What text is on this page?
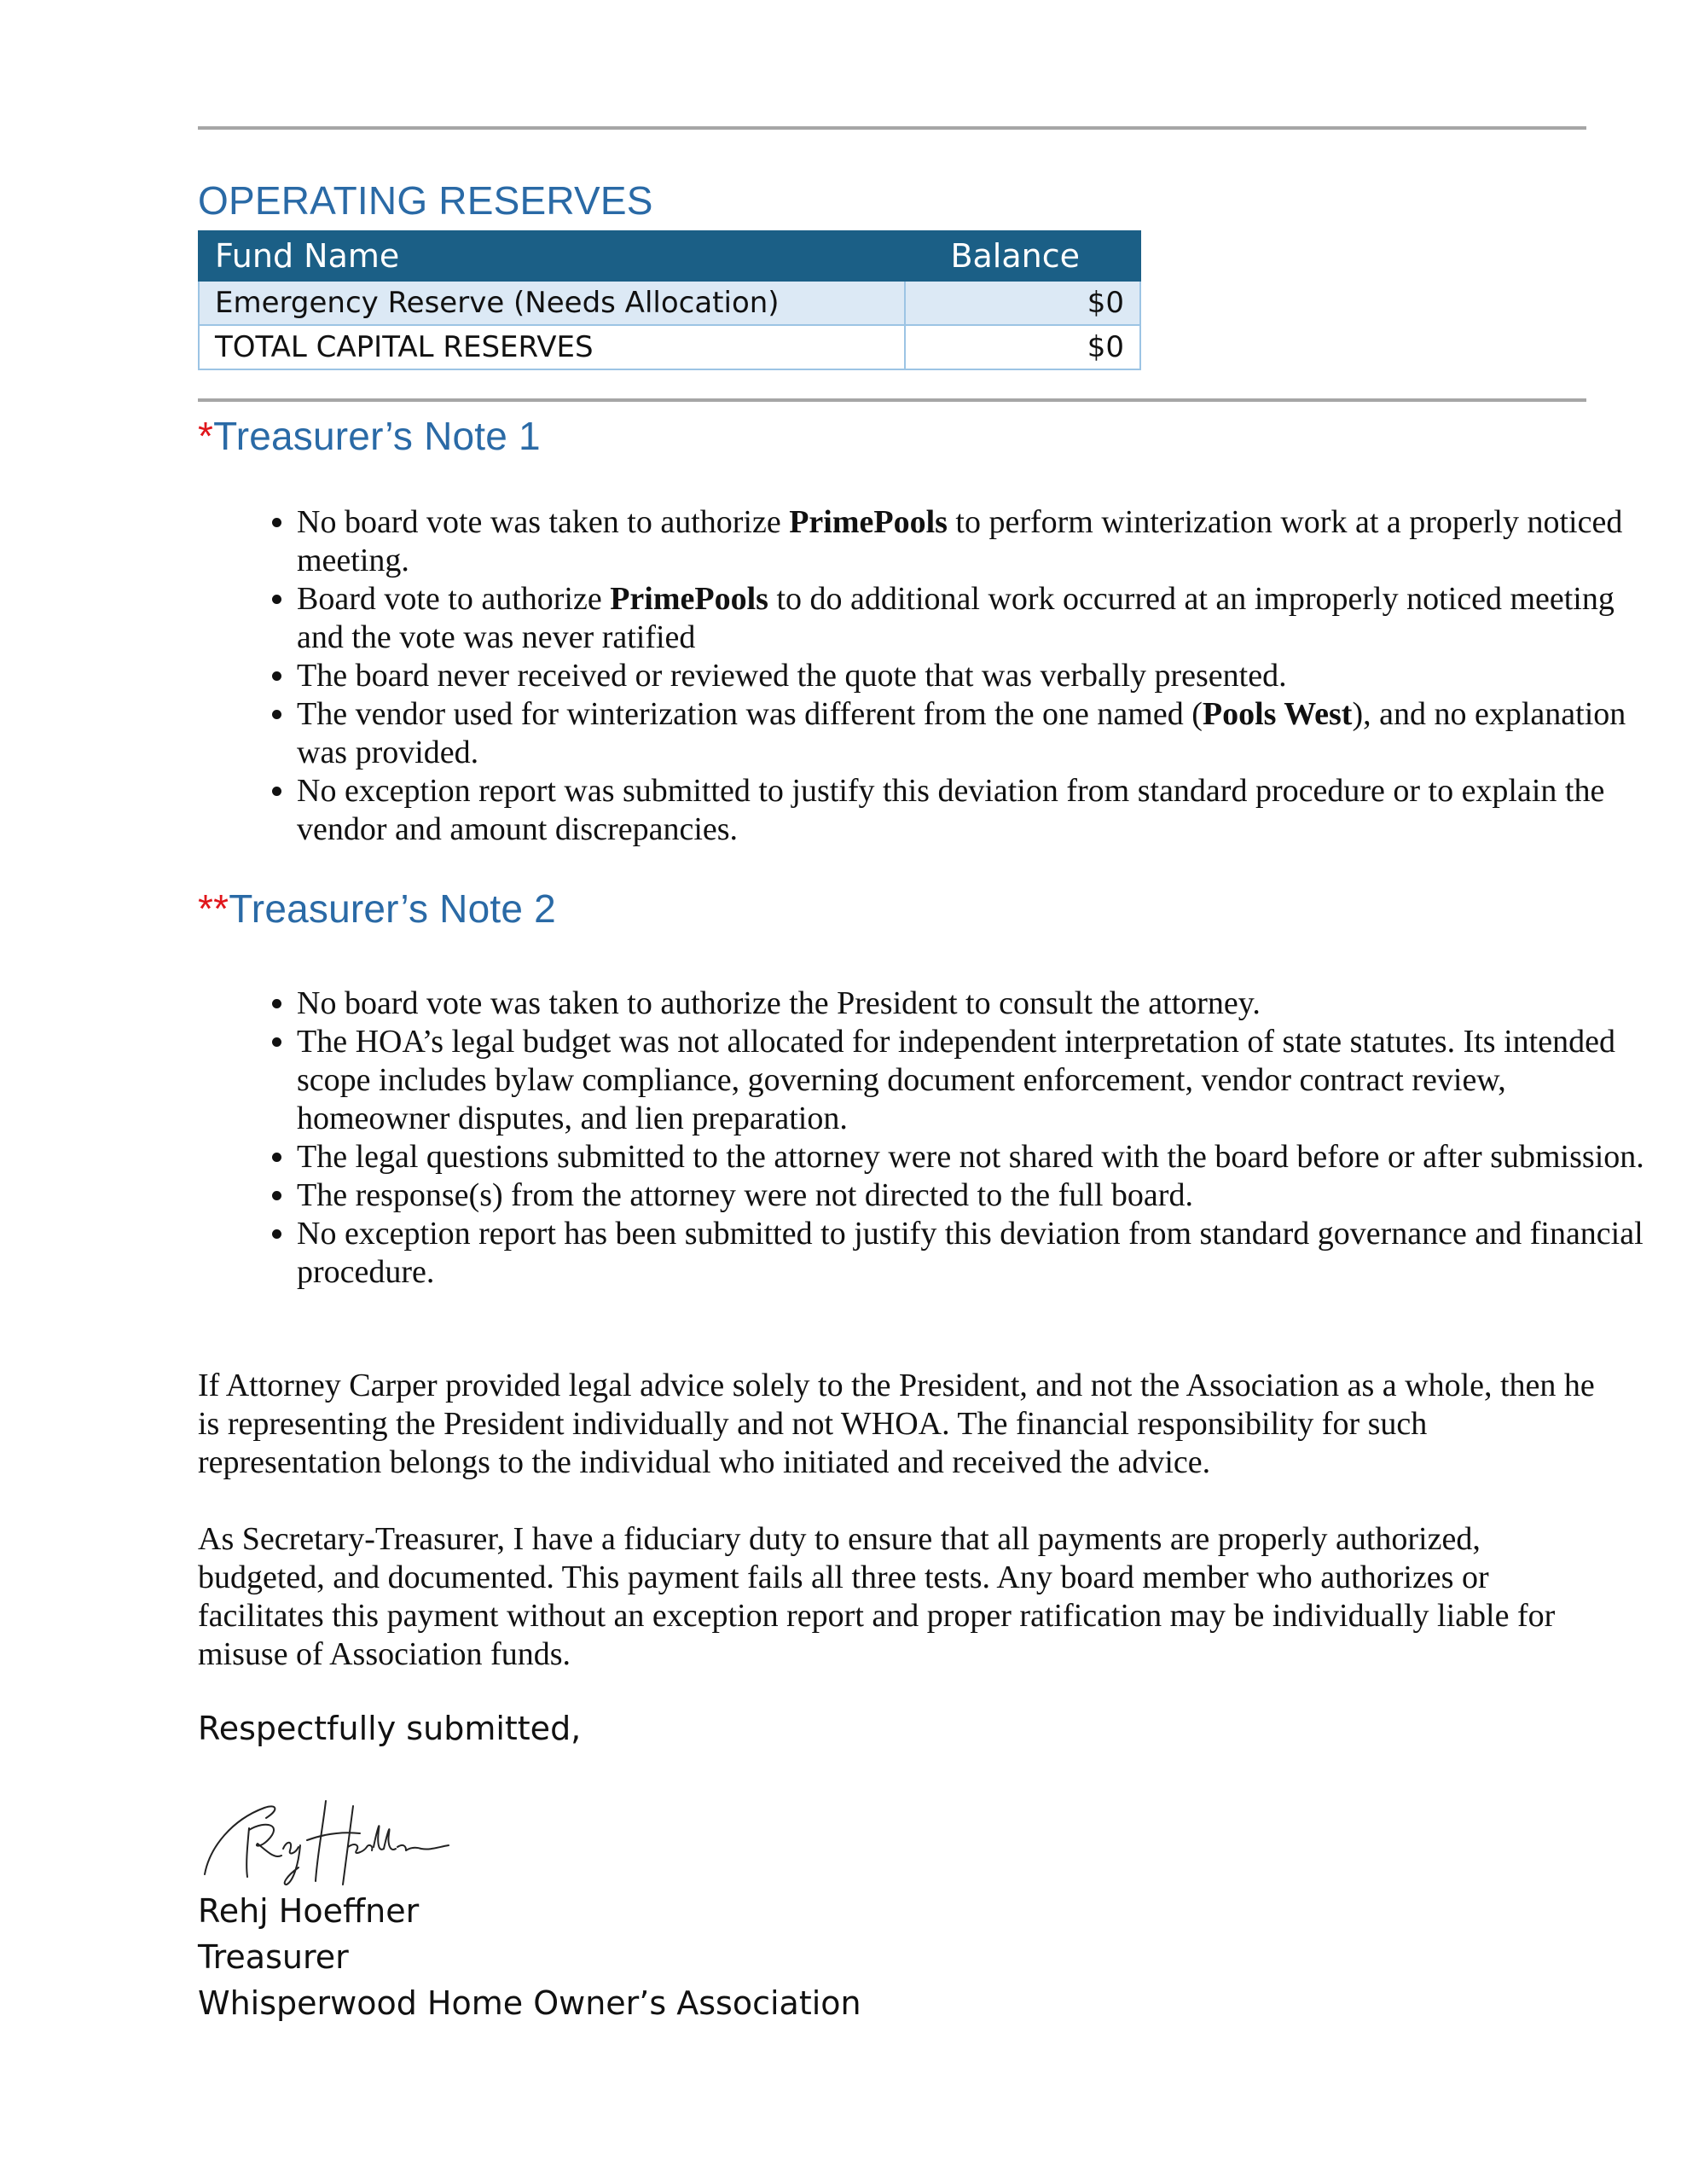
OPERATING RESERVES
Fund Name	Balance
Emergency Reserve (Needs Allocation)	$0
TOTAL CAPITAL RESERVES	$0
*Treasurer’s Note 1
• No board vote was taken to authorize PrimePools to perform winterization work at a properly noticed meeting.
• Board vote to authorize PrimePools to do additional work occurred at an improperly noticed meeting and the vote was never ratified
• The board never received or reviewed the quote that was verbally presented.
• The vendor used for winterization was different from the one named (Pools West), and no explanation was provided.
• No exception report was submitted to justify this deviation from standard procedure or to explain the vendor and amount discrepancies.
**Treasurer’s Note 2
• No board vote was taken to authorize the President to consult the attorney.
• The HOA’s legal budget was not allocated for independent interpretation of state statutes. Its intended scope includes bylaw compliance, governing document enforcement, vendor contract review, homeowner disputes, and lien preparation.
• The legal questions submitted to the attorney were not shared with the board before or after submission.
• The response(s) from the attorney were not directed to the full board.
• No exception report has been submitted to justify this deviation from standard governance and financial procedure.

If Attorney Carper provided legal advice solely to the President, and not the Association as a whole, then he is representing the President individually and not WHOA. The financial responsibility for such representation belongs to the individual who initiated and received the advice.

As Secretary-Treasurer, I have a fiduciary duty to ensure that all payments are properly authorized, budgeted, and documented. This payment fails all three tests. Any board member who authorizes or facilitates this payment without an exception report and proper ratification may be individually liable for misuse of Association funds.

Respectfully submitted,
Rehj Hoeffner
Treasurer
Whisperwood Home Owner’s Association
